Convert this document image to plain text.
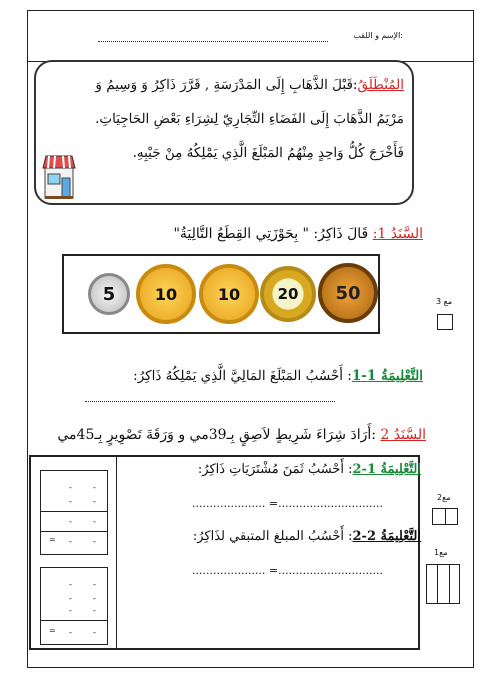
الإسم و اللقب:

المُنْطَلَقُ:قَبْلَ الذَّهَابِ إِلَى المَدْرَسَةِ , قَرَّرَ ذَاكِرُ وَ وَسِيمُ وَ مَرْيَمُ الذَّهَابَ إِلَى الفَضَاءِ التِّجَارِيّ لِشِرَاءِ بَعْضِ الحَاجِيَاتِ. فَأَخْرَجَ كُلُّ وَاحِدٍ مِنْهُمُ المَبْلَغَ الَّذِي يَمْلِكُهُ مِنْ جَيْبِهِ.

السَّنَدُ 1: قَالَ ذَاكِرُ: " بِحَوْزَتِي القِطَعُ التَّالِيَةُ"
5 10	10 20 50	مع 3
التَّعْلِيمَةُ 1-1: أَحْسُبُ المَبْلَغَ المَالِيَّ الَّذِي يَمْلِكُهُ ذَاكِرُ:
السَّنَدُ 2 :أَرَادَ شِرَاءَ شَرِيطٍ لاَصِقٍ بِـ39مي و وَرَقَةَ تَصْوِيرٍ بِـ45مي
التَّعْلِيمَةُ 1-2: أَحْسُبُ ثَمَنَ مُشْتَرَيَاتِ ذَاكِرُ:
..................... =..............................
التَّعْلِيمَةُ 2-2: أَحْسُبُ المبلغ المتبقي لذَاكِرُ:
..................... =..............................
-	-
-	-
-	-
= -	-
-	-
-	-
-	-
= -	-
مع2
مع1
